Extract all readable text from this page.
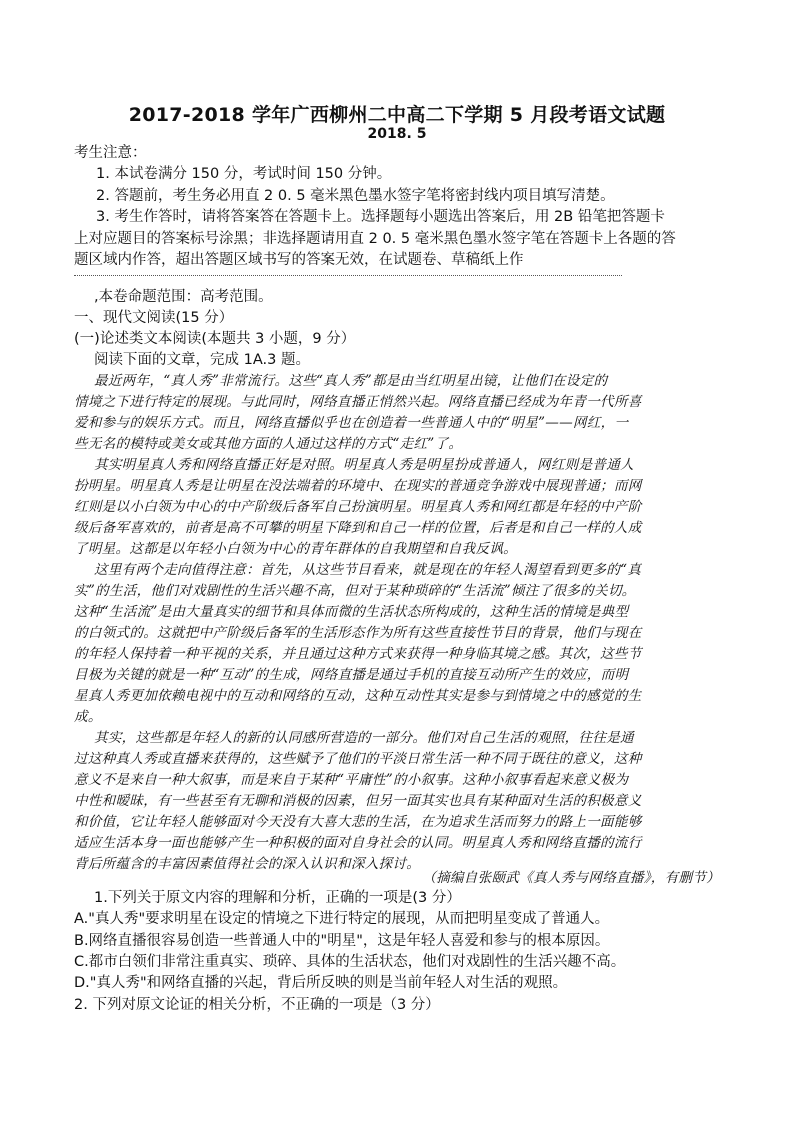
2017-2018 学年广西柳州二中高二下学期 5 月段考语文试题
2018. 5
考生注意：
1. 本试卷满分 150 分，考试时间 150 分钟。
2. 答题前，考生务必用直 2 0. 5 毫米黑色墨水签字笔将密封线内项目填写清楚。
3. 考生作答时，请将答案答在答题卡上。选择题每小题选出答案后，用 2B 铅笔把答题卡
上对应题目的答案标号涂黑；非选择题请用直 2 0. 5 毫米黑色墨水签字笔在答题卡上各题的答
题区域内作答，超出答题区域书写的答案无效，在试题卷、草稿纸上作
,本卷命题范围：高考范围。
一、现代文阅读(15 分）
(一)论述类文本阅读(本题共 3 小题，9 分）
阅读下面的文章，完成 1A.3 题。
最近两年，“真人秀”非常流行。这些“真人秀”都是由当红明星出镜，让他们在设定的
情境之下进行特定的展现。与此同时，网络直播正悄然兴起。网络直播已经成为年青一代所喜
爱和参与的娱乐方式。而且，网络直播似乎也在创造着一些普通人中的“明星”——网红，一
些无名的模特或美女或其他方面的人通过这样的方式“走红”了。
其实明星真人秀和网络直播正好是对照。明星真人秀是明星扮成普通人，网红则是普通人
扮明星。明星真人秀是让明星在没法端着的环境中、在现实的普通竞争游戏中展现普通；而网
红则是以小白领为中心的中产阶级后备军自己扮演明星。明星真人秀和网红都是年轻的中产阶
级后备军喜欢的，前者是高不可攀的明星下降到和自己一样的位置，后者是和自己一样的人成
了明星。这都是以年轻小白领为中心的青年群体的自我期望和自我反讽。
这里有两个走向值得注意：首先，从这些节目看来，就是现在的年轻人渴望看到更多的“真
实”的生活，他们对戏剧性的生活兴趣不高，但对于某种琐碎的“生活流”倾注了很多的关切。
这种“生活流”是由大量真实的细节和具体而微的生活状态所构成的，这种生活的情境是典型
的白领式的。这就把中产阶级后备军的生活形态作为所有这些直接性节目的背景，他们与现在
的年轻人保持着一种平视的关系，并且通过这种方式来获得一种身临其境之感。其次，这些节
目极为关键的就是一种“互动”的生成，网络直播是通过手机的直接互动所产生的效应，而明
星真人秀更加依赖电视中的互动和网络的互动，这种互动性其实是参与到情境之中的感觉的生
成。
其实，这些都是年轻人的新的认同感所营造的一部分。他们对自己生活的观照，往往是通
过这种真人秀或直播来获得的，这些赋予了他们的平淡日常生活一种不同于既往的意义，这种
意义不是来自一种大叙事，而是来自于某种“平庸性”的小叙事。这种小叙事看起来意义极为
中性和暧昧，有一些甚至有无聊和消极的因素，但另一面其实也具有某种面对生活的积极意义
和价值，它让年轻人能够面对今天没有大喜大悲的生活，在为追求生活而努力的路上一面能够
适应生活本身一面也能够产生一种积极的面对自身社会的认同。明星真人秀和网络直播的流行
背后所蕴含的丰富因素值得社会的深入认识和深入探讨。
（摘编自张颐武《真人秀与网络直播》，有删节）
1.下列关于原文内容的理解和分析，正确的一项是(3 分）
A."真人秀"要求明星在设定的情境之下进行特定的展现，从而把明星变成了普通人。
B.网络直播很容易创造一些普通人中的"明星"，这是年轻人喜爱和参与的根本原因。
C.都市白领们非常注重真实、琐碎、具体的生活状态，他们对戏剧性的生活兴趣不高。
D."真人秀"和网络直播的兴起，背后所反映的则是当前年轻人对生活的观照。
2. 下列对原文论证的相关分析，不正确的一项是（3 分）
